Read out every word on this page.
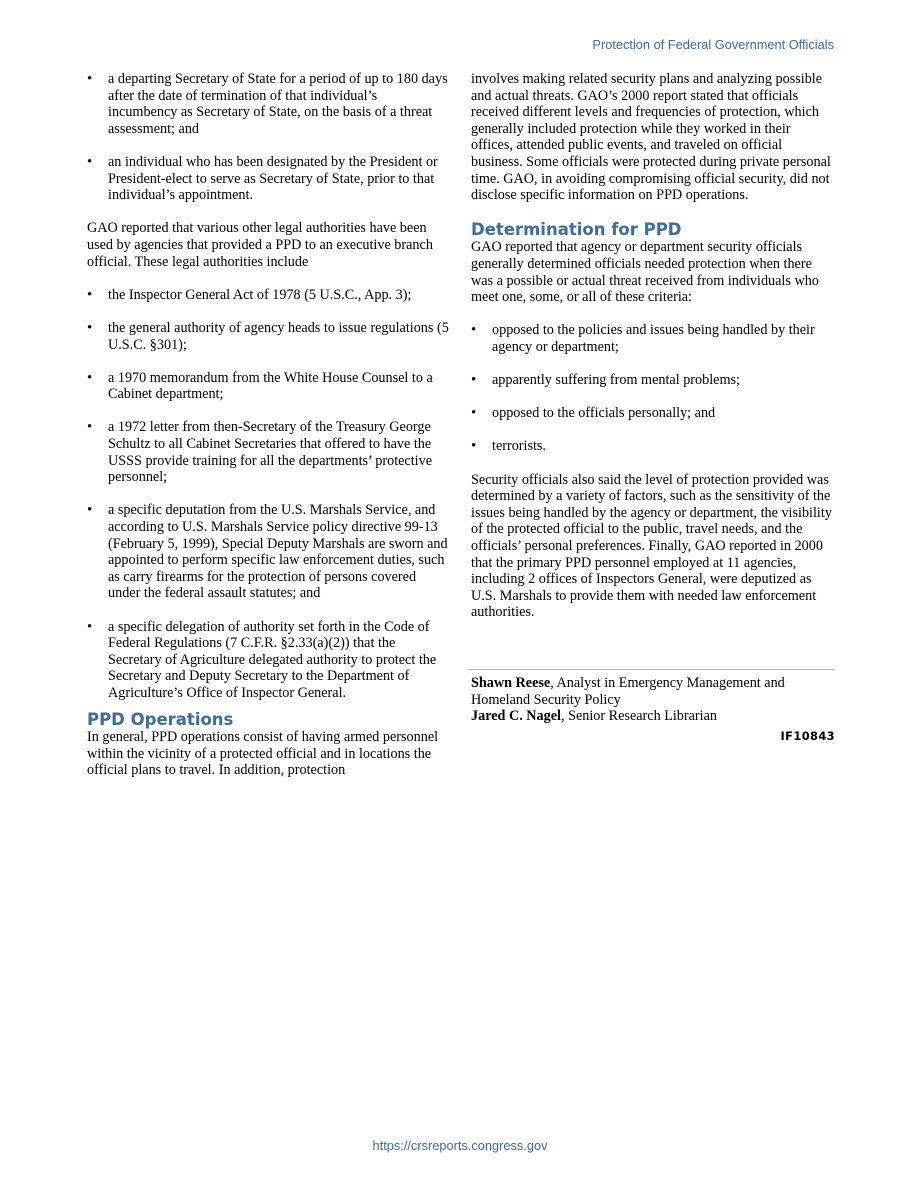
Protection of Federal Government Officials
• a departing Secretary of State for a period of up to 180 days after the date of termination of that individual’s incumbency as Secretary of State, on the basis of a threat assessment; and
• an individual who has been designated by the President or President-elect to serve as Secretary of State, prior to that individual’s appointment.

GAO reported that various other legal authorities have been used by agencies that provided a PPD to an executive branch official. These legal authorities include

• the Inspector General Act of 1978 (5 U.S.C., App. 3);
• the general authority of agency heads to issue regulations (5 U.S.C. §301);
• a 1970 memorandum from the White House Counsel to a Cabinet department;
• a 1972 letter from then-Secretary of the Treasury George Schultz to all Cabinet Secretaries that offered to have the USSS provide training for all the departments’ protective personnel;
• a specific deputation from the U.S. Marshals Service, and according to U.S. Marshals Service policy directive 99-13 (February 5, 1999), Special Deputy Marshals are sworn and appointed to perform specific law enforcement duties, such as carry firearms for the protection of persons covered under the federal assault statutes; and
• a specific delegation of authority set forth in the Code of Federal Regulations (7 C.F.R. §2.33(a)(2)) that the Secretary of Agriculture delegated authority to protect the Secretary and Deputy Secretary to the Department of Agriculture’s Office of Inspector General.
PPD Operations

In general, PPD operations consist of having armed personnel within the vicinity of a protected official and in locations the official plans to travel. In addition, protection

involves making related security plans and analyzing possible and actual threats. GAO’s 2000 report stated that officials received different levels and frequencies of protection, which generally included protection while they worked in their offices, attended public events, and traveled on official business. Some officials were protected during private personal time. GAO, in avoiding compromising official security, did not disclose specific information on PPD operations.

Determination for PPD

GAO reported that agency or department security officials generally determined officials needed protection when there was a possible or actual threat received from individuals who meet one, some, or all of these criteria:

• opposed to the policies and issues being handled by their agency or department;
• apparently suffering from mental problems;
• opposed to the officials personally; and
• terrorists.

Security officials also said the level of protection provided was determined by a variety of factors, such as the sensitivity of the issues being handled by the agency or department, the visibility of the protected official to the public, travel needs, and the officials’ personal preferences. Finally, GAO reported in 2000 that the primary PPD personnel employed at 11 agencies, including 2 offices of Inspectors General, were deputized as U.S. Marshals to provide them with needed law enforcement authorities.

Shawn Reese, Analyst in Emergency Management and Homeland Security Policy

Jared C. Nagel, Senior Research Librarian

IF10843
https://crsreports.congress.gov
